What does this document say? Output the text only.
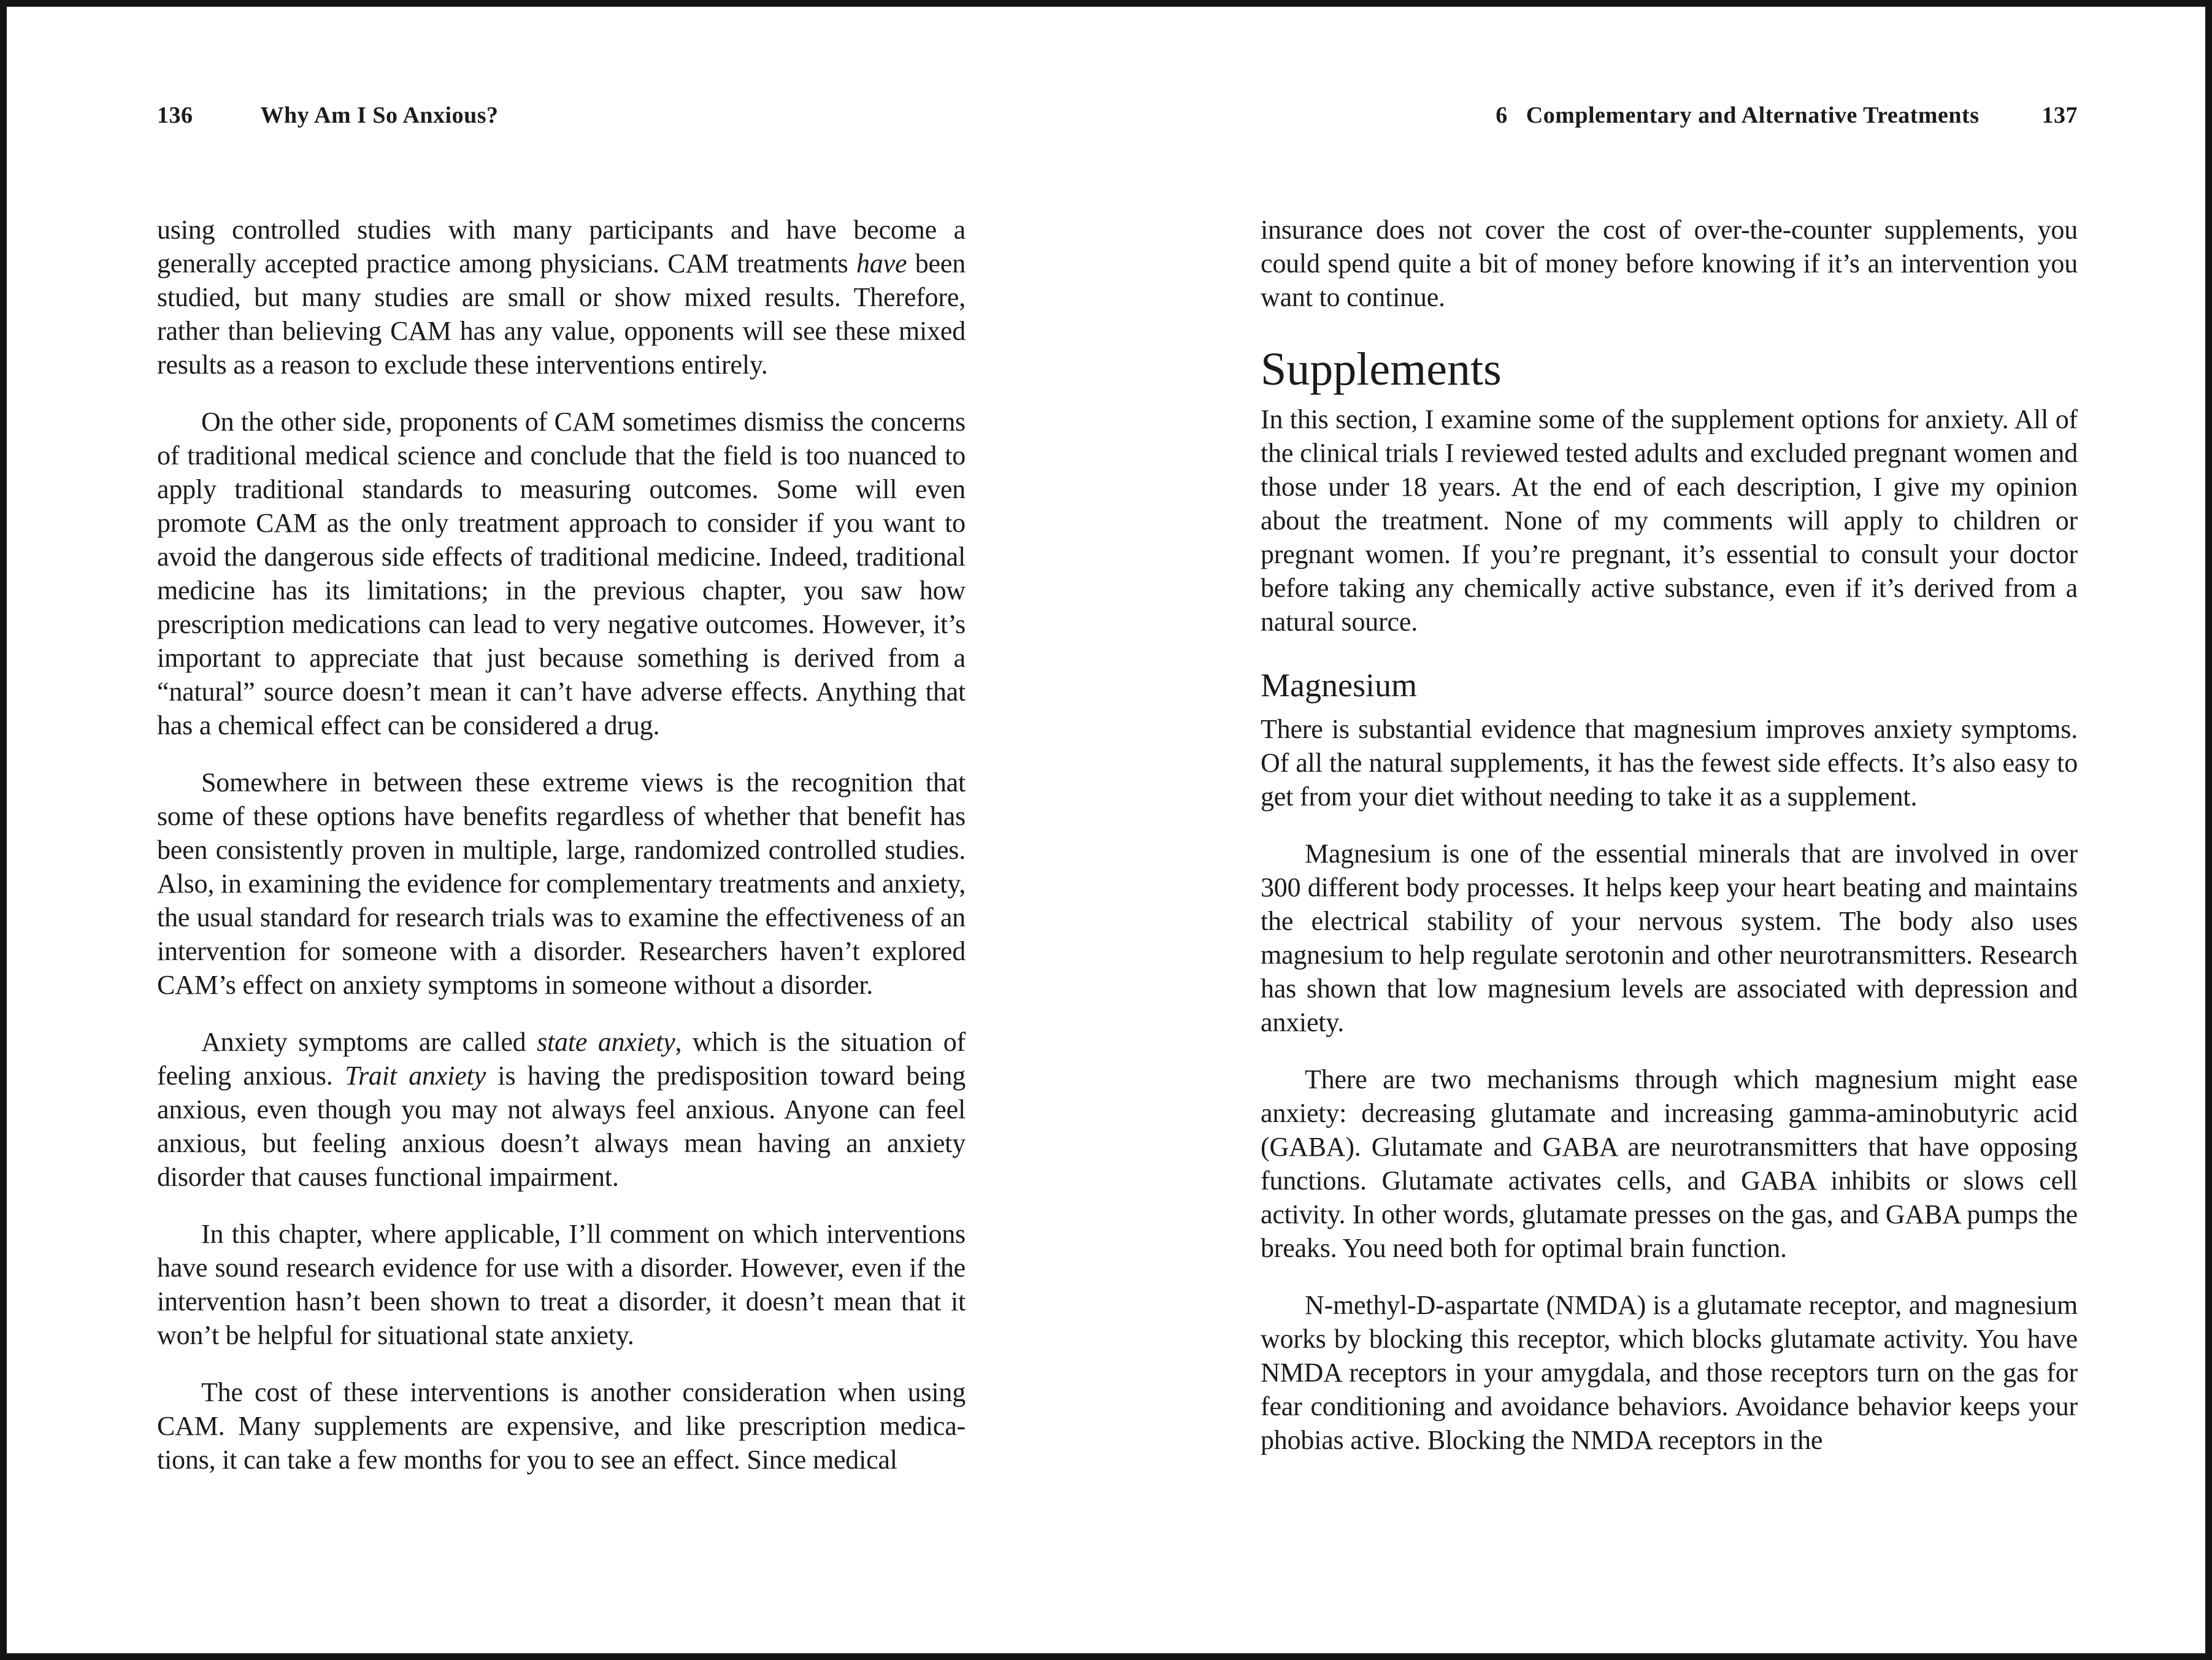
136	Why Am I So Anxious?

using controlled studies with many participants and have become a generally accepted practice among physicians. CAM treatments have been studied, but many studies are small or show mixed results. Therefore, rather than believing CAM has any value, opponents will see these mixed results as a reason to exclude these interventions entirely.

On the other side, proponents of CAM sometimes dismiss the concerns of traditional medical science and conclude that the field is too nuanced to apply traditional standards to measuring outcomes. Some will even promote CAM as the only treatment approach to consider if you want to avoid the dangerous side effects of traditional medicine. Indeed, traditional medicine has its limitations; in the previous chapter, you saw how prescription medications can lead to very negative outcomes. However, it’s important to appreciate that just because something is derived from a “natural” source doesn’t mean it can’t have adverse effects. Anything that has a chemical effect can be considered a drug.

Somewhere in between these extreme views is the recognition that some of these options have benefits regardless of whether that benefit has been consistently proven in multiple, large, randomized controlled studies. Also, in examining the evidence for complementary treatments and anxiety, the usual standard for research trials was to examine the effectiveness of an intervention for someone with a disorder. Researchers haven’t explored CAM’s effect on anxiety symptoms in someone without a disorder.

Anxiety symptoms are called state anxiety, which is the situation of feeling anxious. Trait anxiety is having the predisposition toward being anxious, even though you may not always feel anxious. Anyone can feel anxious, but feeling anxious doesn’t always mean having an anxiety disorder that causes functional impairment.

In this chapter, where applicable, I’ll comment on which interventions have sound research evidence for use with a disorder. However, even if the intervention hasn’t been shown to treat a disorder, it doesn’t mean that it won’t be helpful for situational state anxiety.

The cost of these interventions is another consideration when using CAM. Many supplements are expensive, and like prescription medica-tions, it can take a few months for you to see an effect. Since medical

6 Complementary and Alternative Treatments	137

insurance does not cover the cost of over-the-counter supplements, you could spend quite a bit of money before knowing if it’s an intervention you want to continue.

Supplements

In this section, I examine some of the supplement options for anxiety. All of the clinical trials I reviewed tested adults and excluded pregnant women and those under 18 years. At the end of each description, I give my opinion about the treatment. None of my comments will apply to children or pregnant women. If you’re pregnant, it’s essential to consult your doctor before taking any chemically active substance, even if it’s derived from a natural source.

Magnesium

There is substantial evidence that magnesium improves anxiety symptoms. Of all the natural supplements, it has the fewest side effects. It’s also easy to get from your diet without needing to take it as a supplement.

Magnesium is one of the essential minerals that are involved in over 300 different body processes. It helps keep your heart beating and maintains the electrical stability of your nervous system. The body also uses magnesium to help regulate serotonin and other neurotransmitters. Research has shown that low magnesium levels are associated with depression and anxiety.

There are two mechanisms through which magnesium might ease anxiety: decreasing glutamate and increasing gamma-aminobutyric acid (GABA). Glutamate and GABA are neurotransmitters that have opposing functions. Glutamate activates cells, and GABA inhibits or slows cell activity. In other words, glutamate presses on the gas, and GABA pumps the breaks. You need both for optimal brain function.

N-methyl-D-aspartate (NMDA) is a glutamate receptor, and magnesium works by blocking this receptor, which blocks glutamate activity. You have NMDA receptors in your amygdala, and those receptors turn on the gas for fear conditioning and avoidance behaviors. Avoidance behavior keeps your phobias active. Blocking the NMDA receptors in the
